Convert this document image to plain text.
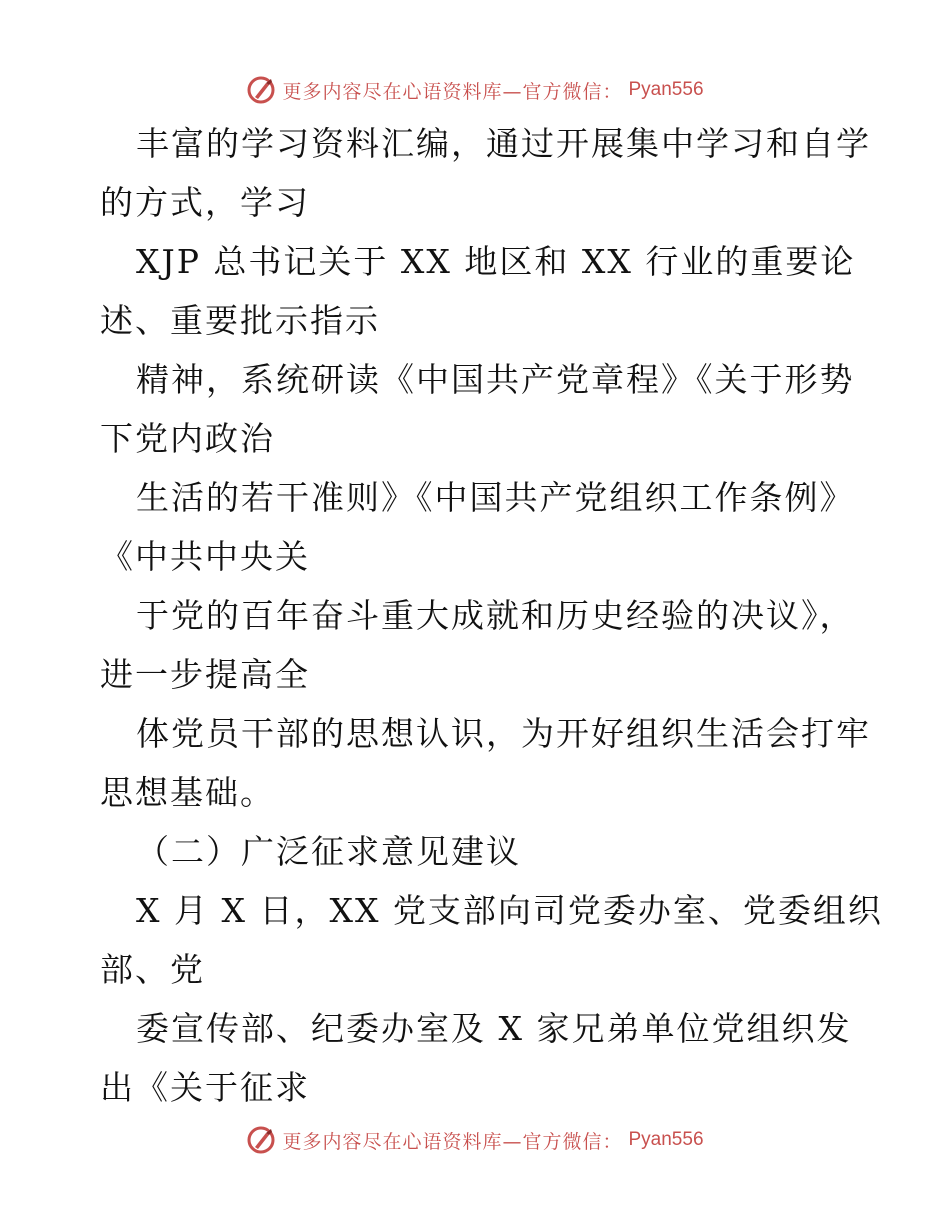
更多内容尽在心语资料库—官方微信： Pyan556
丰富的学习资料汇编，通过开展集中学习和自学
的方式，学习
XJP 总书记关于 XX 地区和 XX 行业的重要论
述、重要批示指示
精神，系统研读《中国共产党章程》《关于形势
下党内政治
生活的若干准则》《中国共产党组织工作条例》
《中共中央关
于党的百年奋斗重大成就和历史经验的决议》，
进一步提高全
体党员干部的思想认识，为开好组织生活会打牢
思想基础。
（二）广泛征求意见建议
X 月 X 日，XX 党支部向司党委办室、党委组织
部、党
委宣传部、纪委办室及 X 家兄弟单位党组织发
出《关于征求
更多内容尽在心语资料库—官方微信： Pyan556
